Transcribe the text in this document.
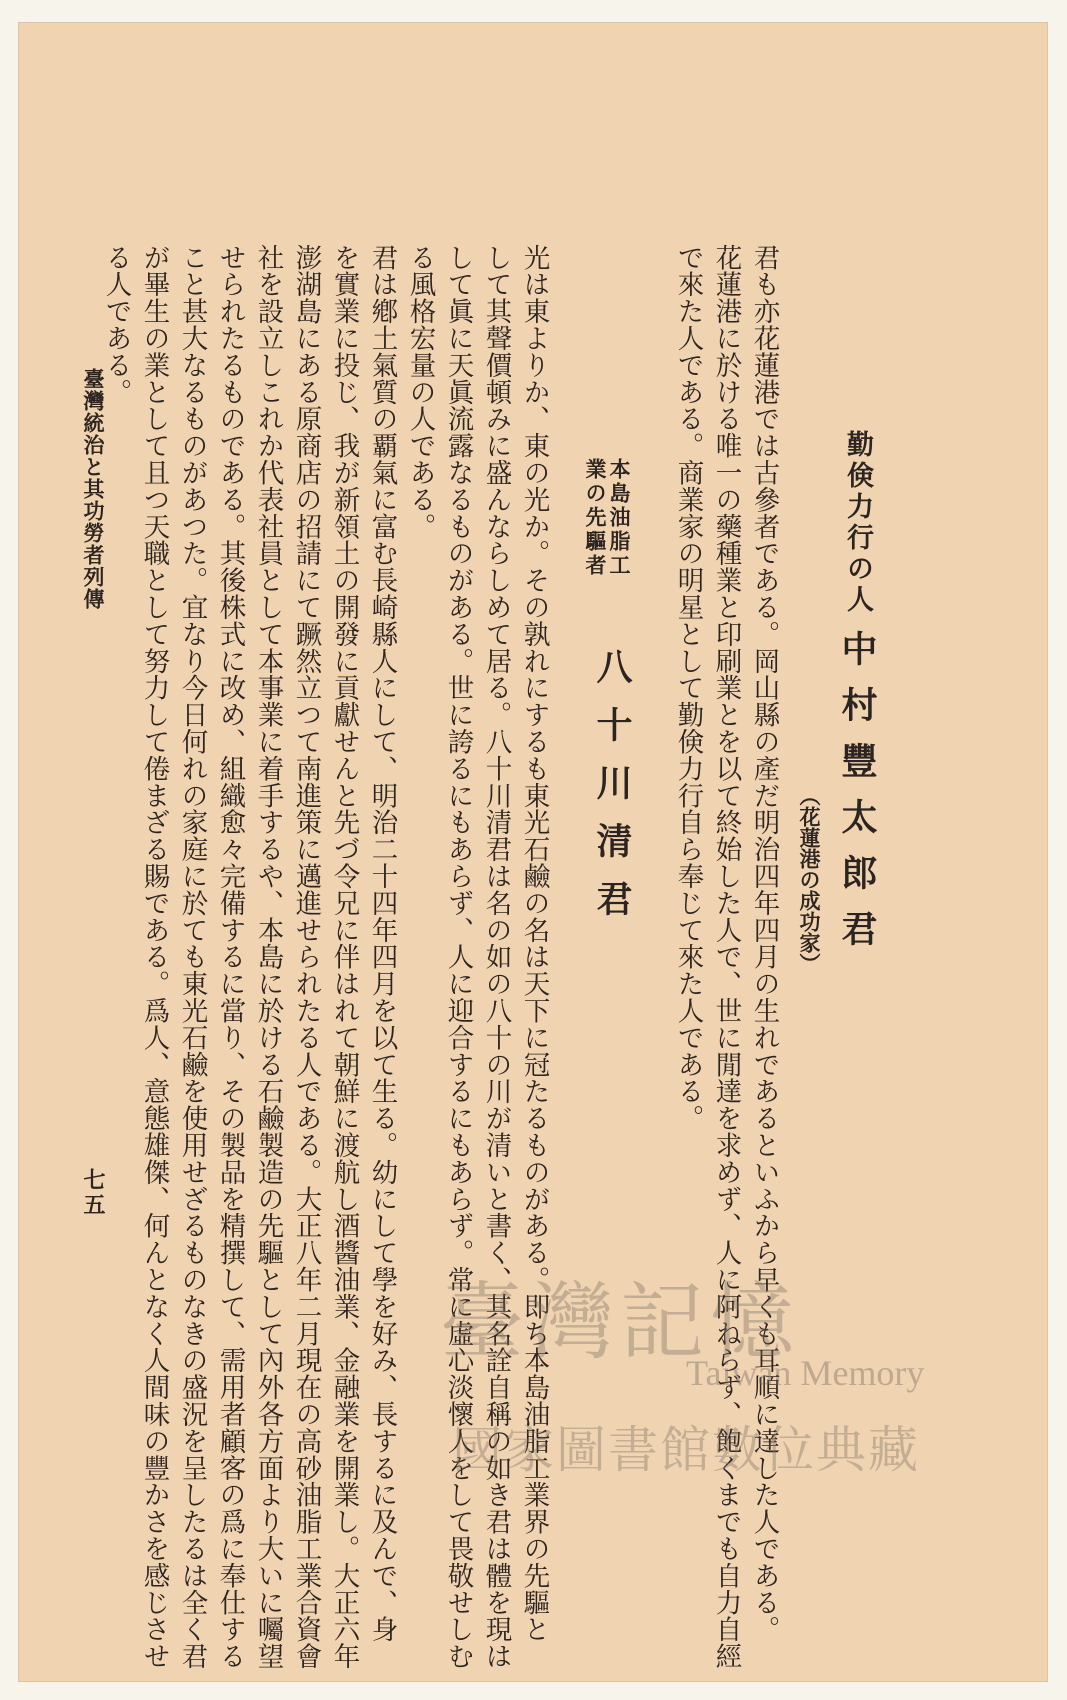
勤倹力行の人
中村豐太郎君
（花蓮港の成功家）
君も亦花蓮港では古參者である。岡山縣の產だ明治四年四月の生れであるといふから早くも耳順に達した人である。
花蓮港に於ける唯一の藥種業と印刷業とを以て終始した人で、世に閒達を求めず、人に阿ねらず、飽くまでも自力自經
で來た人である。商業家の明星として勤倹力行自ら奉じて來た人である。
本島油脂工
業の先驅者
八十川清君
光は東よりか、東の光か。その孰れにするも東光石鹼の名は天下に冠たるものがある。即ち本島油脂工業界の先驅と
して其聲價頓みに盛んならしめて居る。八十川清君は名の如の八十の川が清いと書く、其名詮自稱の如き君は體を現は
して眞に天眞流露なるものがある。世に誇るにもあらず、人に迎合するにもあらず。常に虛心淡懷人をして畏敬せしむ
る風格宏量の人である。
君は鄕土氣質の覇氣に富む長崎縣人にして、明治二十四年四月を以て生る。幼にして學を好み、長するに及んで、身
を實業に投じ、我が新領土の開發に貢獻せんと先づ令兄に伴はれて朝鮮に渡航し酒醬油業、金融業を開業し。大正六年
澎湖島にある原商店の招請にて蹶然立つて南進策に邁進せられたる人である。大正八年二月現在の高砂油脂工業合資會
社を設立しこれか代表社員として本事業に着手するや、本島に於ける石鹼製造の先驅として內外各方面より大いに囑望
せられたるものである。其後株式に改め、組織愈々完備するに當り、その製品を精撰して、需用者顧客の爲に奉仕する
こと甚大なるものがあつた。宜なり今日何れの家庭に於ても東光石鹼を使用せざるものなきの盛況を呈したるは全く君
が畢生の業として且つ天職として努力して倦まざる賜である。爲人、意態雄傑、何んとなく人間味の豐かさを感じさせ
る人である。
臺灣統治と其功勞者列傳
七五
臺灣記憶
Taiwan Memory
國家圖書館數位典藏
